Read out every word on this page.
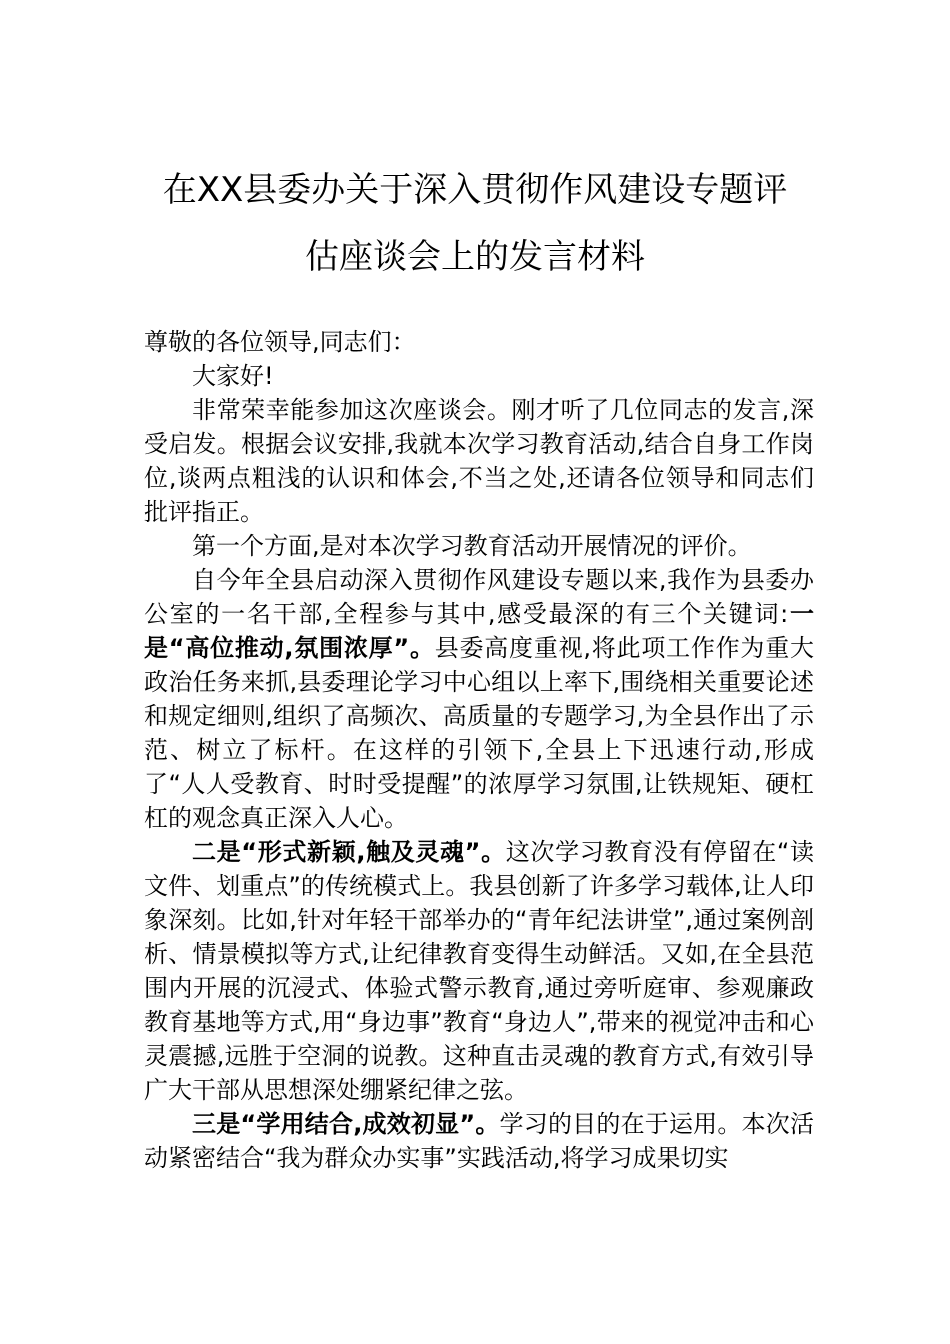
在XX县委办关于深入贯彻作风建设专题评
估座谈会上的发言材料

尊敬的各位领导,同志们：

大家好!

非常荣幸能参加这次座谈会。刚才听了几位同志的发言,深受启发。根据会议安排,我就本次学习教育活动,结合自身工作岗位,谈两点粗浅的认识和体会,不当之处,还请各位领导和同志们批评指正。

第一个方面,是对本次学习教育活动开展情况的评价。

自今年全县启动深入贯彻作风建设专题以来,我作为县委办公室的一名干部,全程参与其中,感受最深的有三个关键词:一是“高位推动,氛围浓厚”。县委高度重视,将此项工作作为重大政治任务来抓,县委理论学习中心组以上率下,围绕相关重要论述和规定细则,组织了高频次、高质量的专题学习,为全县作出了示范、树立了标杆。在这样的引领下,全县上下迅速行动,形成了“人人受教育、时时受提醒”的浓厚学习氛围,让铁规矩、硬杠杠的观念真正深入人心。

二是“形式新颖,触及灵魂”。这次学习教育没有停留在“读文件、划重点”的传统模式上。我县创新了许多学习载体,让人印象深刻。比如,针对年轻干部举办的“青年纪法讲堂”,通过案例剖析、情景模拟等方式,让纪律教育变得生动鲜活。又如,在全县范围内开展的沉浸式、体验式警示教育,通过旁听庭审、参观廉政教育基地等方式,用“身边事”教育“身边人”,带来的视觉冲击和心灵震撼,远胜于空洞的说教。这种直击灵魂的教育方式,有效引导广大干部从思想深处绷紧纪律之弦。

三是“学用结合,成效初显”。学习的目的在于运用。本次活动紧密结合“我为群众办实事”实践活动,将学习成果切实
